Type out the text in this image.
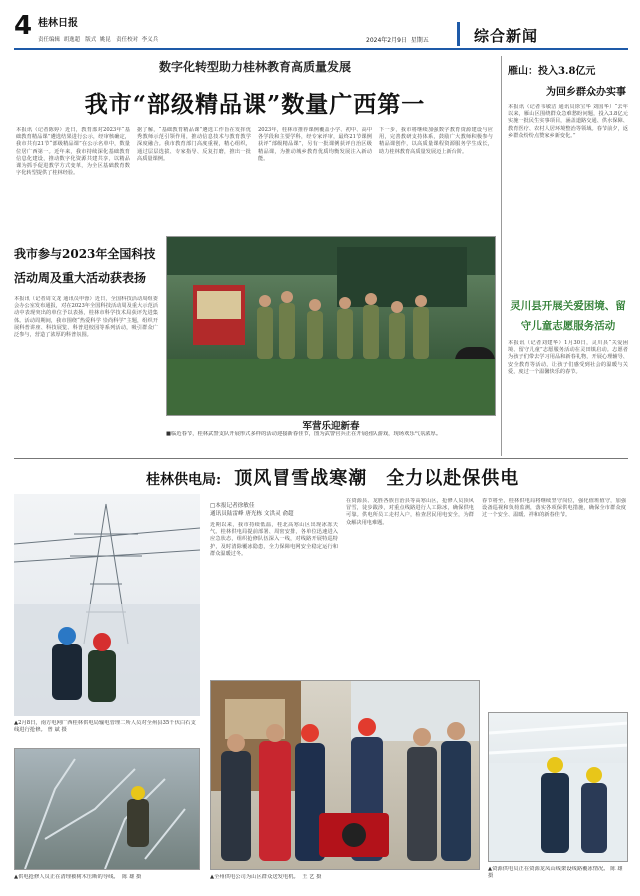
4 桂林日报
责任编辑 胡逸超 版式 姚昆 责任校对 李义兵	2024年2月9日 星期五	综合新闻
数字化转型助力桂林教育高质量发展
我市“部级精品课”数量广西第一
本报讯（记者陈婷）近日，教育部对2023年“基础教育精品课”遴选结果进行公示，经审核确定，我市共有21节“部级精品课”在公示名单中，数量位居广西第一。近年来，我市持续深化基础教育信息化建设，推动数字化资源共建共享，以精品课为抓手促进教学方式变革，为全区基础教育数字化转型提供了桂林经验。
据了解，“基础教育精品课”遴选工作旨在发挥优秀教师示范引领作用，推动信息技术与教育教学深度融合。我市教育部门高度重视，精心组织，通过层层选拔、专家指导、反复打磨，推出一批高质量课例。
2023年，桂林市推荐课例覆盖小学、初中、高中各学段和主要学科，经专家评审，最终21节课例获评“部级精品课”，另有一批课例获评自治区级精品课，为推动城乡教育优质均衡发展注入新动能。
下一步，我市将继续加强数字教育资源建设与应用，完善教研支持体系，鼓励广大教师积极参与精品课创作，以高质量课程资源服务学生成长，助力桂林教育高质量发展迈上新台阶。
我市参与2023年全国科技活动周及重大活动获表扬
本报讯（记者周文龙 通讯员申蓉）近日，全国科技活动周组委会办公室发布通报，对在2023年全国科技活动周及重大示范活动中表现突出的单位予以表扬，桂林市科学技术局获评先进集体。活动周期间，我市围绕“热爱科学 崇尚科学”主题，组织开展科普讲座、科技展览、科普进校园等系列活动，吸引群众广泛参与，营造了浓厚的科普氛围。
军营乐迎新春
■临近春节，桂林武警支队开展形式多样的活动迎接新春佳节，图为武警官兵正在开展团队游戏，现场欢乐气氛浓厚。
雁山：投入3.8亿元
为回乡群众办实事
本报讯（记者韦敏洁 通讯员徐宝华 刘国华）“去年以来，雁山区围绕群众急难愁盼问题，投入3.8亿元实施一批民生实事项目，涵盖道路交通、供水保障、教育医疗、农村人居环境整治等领域。春节前夕，返乡群众纷纷点赞家乡新变化。”
灵川县开展关爱困境、留守儿童志愿服务活动
本报讯（记者刘建华）1月30日，灵川县“关爱困境、留守儿童”志愿服务活动在灵田镇启动。志愿者为孩子们带去学习用品和新春礼物，开展心理辅导、安全教育等活动，让孩子们感受到社会的温暖与关爱，度过一个温馨快乐的春节。
桂林供电局: 顶风冒雪战寒潮　全力以赴保供电
▲2月8日，南方电网广西桂林供电局输电管理二所人员对全州县35千伏白石支线进行抢修。 曾 斌 摄
□本报记者徐敏佳
通讯员陆雷峰 唐光栋 文洪灵 俞超
近期以来，我市持续低温，桂北高寒山区出现冰冻天气。桂林供电局提前部署、周密安排，各单位迅速进入应急状态，组织抢修队伍深入一线，对线路开展特巡特护，及时清除覆冰隐患，全力保障电网安全稳定运行和群众温暖过冬。
在资源县、龙胜各族自治县等高寒山区，抢修人员顶风冒雪，徒步跋涉，对重点线路进行人工除冰，确保供电可靠。供电所员工走村入户，检查居民用电安全，为群众解决用电难题。
春节将至，桂林供电局将继续坚守岗位，强化值班值守，加强设备巡视和负荷监测，落实各项保供电措施，确保全市群众度过一个安全、温暖、祥和的新春佳节。
▲供电抢修人员正在清理被树木压断的导线。 陈 雄 摄	▲全州供电公司为山区群众送发电机。 王 艺 摄
▲资源供电员正在资源龙凤山线架设线路覆冰情况。 陈 雄 摄
